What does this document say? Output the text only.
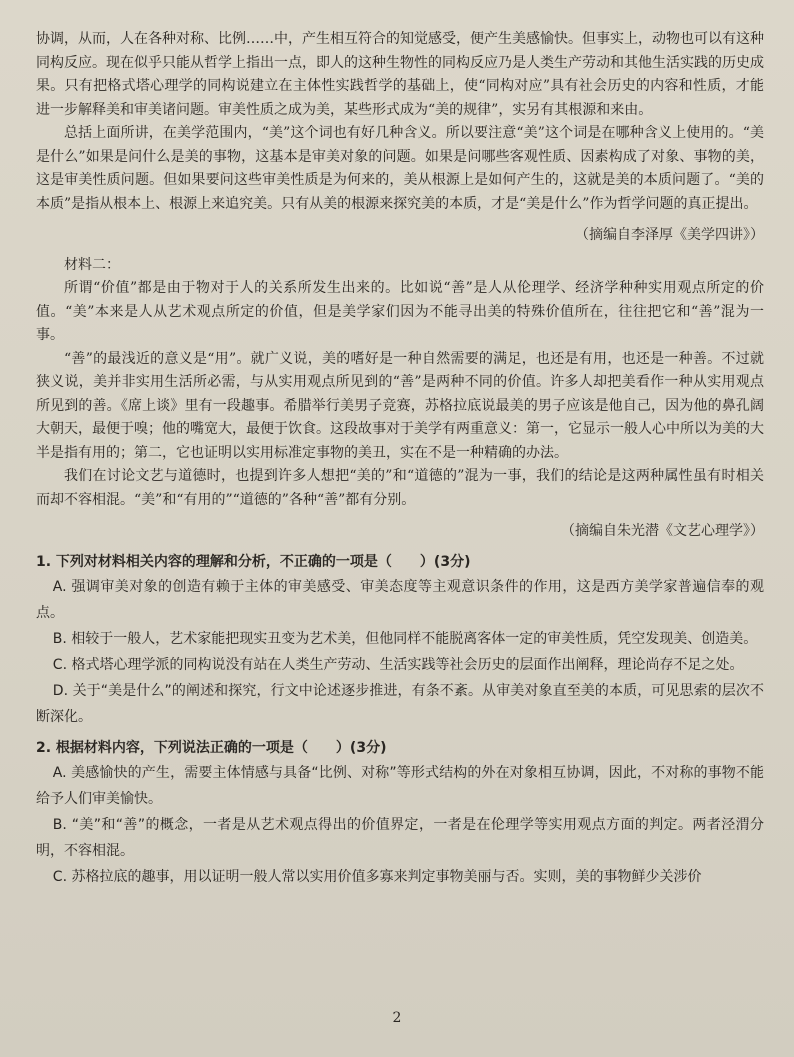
协调，从而，人在各种对称、比例……中，产生相互符合的知觉感受，便产生美感愉快。但事实上，动物也可以有这种同构反应。现在似乎只能从哲学上指出一点，即人的这种生物性的同构反应乃是人类生产劳动和其他生活实践的历史成果。只有把格式塔心理学的同构说建立在主体性实践哲学的基础上，使“同构对应”具有社会历史的内容和性质，才能进一步解释美和审美诸问题。审美性质之成为美，某些形式成为“美的规律”，实另有其根源和来由。

总括上面所讲，在美学范围内，“美”这个词也有好几种含义。所以要注意“美”这个词是在哪种含义上使用的。“美是什么”如果是问什么是美的事物，这基本是审美对象的问题。如果是问哪些客观性质、因素构成了对象、事物的美，这是审美性质问题。但如果要问这些审美性质是为何来的，美从根源上是如何产生的，这就是美的本质问题了。“美的本质”是指从根本上、根源上来追究美。只有从美的根源来探究美的本质，才是“美是什么”作为哲学问题的真正提出。

（摘编自李泽厚《美学四讲》）

材料二：

所谓“价值”都是由于物对于人的关系所发生出来的。比如说“善”是人从伦理学、经济学种种实用观点所定的价值。“美”本来是人从艺术观点所定的价值，但是美学家们因为不能寻出美的特殊价值所在，往往把它和“善”混为一事。

“善”的最浅近的意义是“用”。就广义说，美的嗜好是一种自然需要的满足，也还是有用，也还是一种善。不过就狭义说，美并非实用生活所必需，与从实用观点所见到的“善”是两种不同的价值。许多人却把美看作一种从实用观点所见到的善。《席上谈》里有一段趣事。希腊举行美男子竞赛，苏格拉底说最美的男子应该是他自己，因为他的鼻孔阔大朝天，最便于嗅；他的嘴宽大，最便于饮食。这段故事对于美学有两重意义：第一，它显示一般人心中所以为美的大半是指有用的；第二，它也证明以实用标准定事物的美丑，实在不是一种精确的办法。

我们在讨论文艺与道德时，也提到许多人想把“美的”和“道德的”混为一事，我们的结论是这两种属性虽有时相关而却不容相混。“美”和“有用的”“道德的”各种“善”都有分别。

（摘编自朱光潜《文艺心理学》）

1. 下列对材料相关内容的理解和分析，不正确的一项是（　　）(3分)

A. 强调审美对象的创造有赖于主体的审美感受、审美态度等主观意识条件的作用，这是西方美学家普遍信奉的观点。

B. 相较于一般人，艺术家能把现实丑变为艺术美，但他同样不能脱离客体一定的审美性质，凭空发现美、创造美。

C. 格式塔心理学派的同构说没有站在人类生产劳动、生活实践等社会历史的层面作出阐释，理论尚存不足之处。

D. 关于“美是什么”的阐述和探究，行文中论述逐步推进，有条不紊。从审美对象直至美的本质，可见思索的层次不断深化。

2. 根据材料内容，下列说法正确的一项是（　　）(3分)

A. 美感愉快的产生，需要主体情感与具备“比例、对称”等形式结构的外在对象相互协调，因此，不对称的事物不能给予人们审美愉快。

B. “美”和“善”的概念，一者是从艺术观点得出的价值界定，一者是在伦理学等实用观点方面的判定。两者泾渭分明，不容相混。

C. 苏格拉底的趣事，用以证明一般人常以实用价值多寡来判定事物美丽与否。实则，美的事物鲜少关涉价

2
